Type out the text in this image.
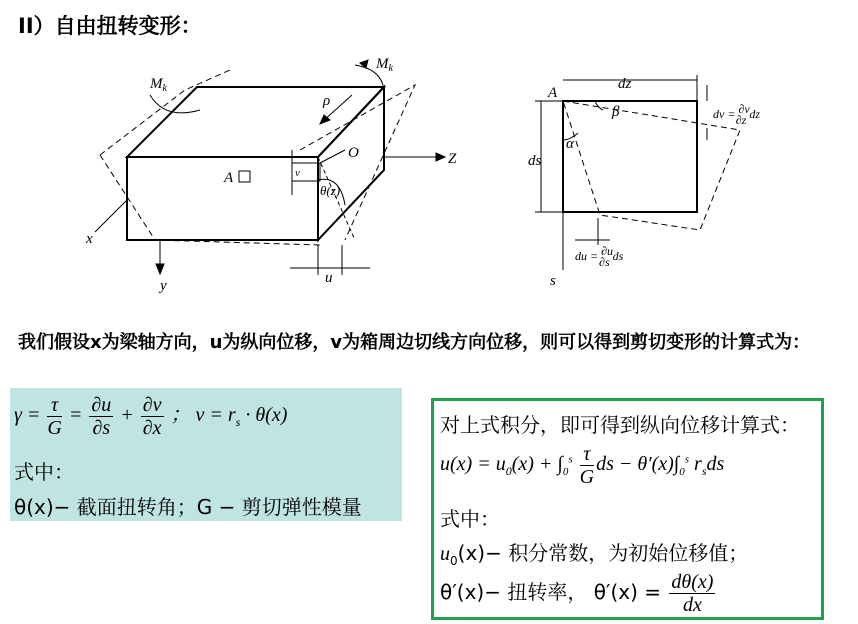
II）自由扭转变形：
$M_k$
$M_k$
ρ
O	Z
A	v
θ(z)
x
y	u
A
dz
β
α
ds
s
dv = ∂v ∂z dz
du = ∂u ∂s ds
我们假设x为梁轴方向，u为纵向位移，v为箱周边切线方向位移，则可以得到剪切变形的计算式为：
$\gamma = \frac{\tau}{G} = \frac{\partial u}{\partial s} + \frac{\partial v}{\partial x}$ ； $v = r_s \cdot \theta(x)$
式中：
θ(x)− 截面扭转角；G − 剪切弹性模量
对上式积分，即可得到纵向位移计算式：
$u(x) = u_0(x) + \int_0^s \frac{\tau}{G}$ ds − $\theta'(x)\int_0^s$ $r_sds$
式中：
$u_0(x)-$ 积分常数，为初始位移值；
θ′(x)− 扭转率， $\theta'(x) = \frac{d\theta(x)}{dx}$
